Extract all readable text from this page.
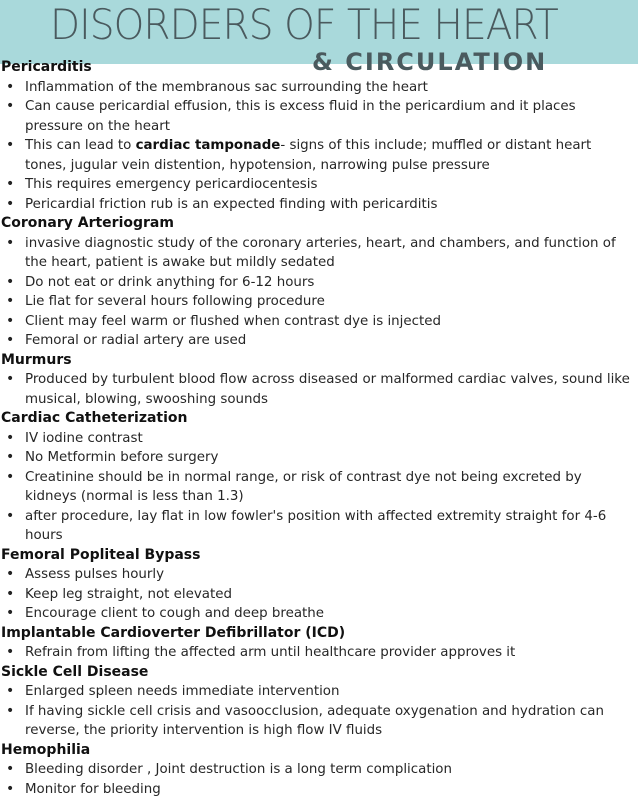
DISORDERS OF THE HEART
& CIRCULATION
Pericarditis
• Inflammation of the membranous sac surrounding the heart
• Can cause pericardial effusion, this is excess fluid in the pericardium and it places pressure on the heart
• This can lead to cardiac tamponade- signs of this include; muffled or distant heart tones, jugular vein distention, hypotension, narrowing pulse pressure
• This requires emergency pericardiocentesis
• Pericardial friction rub is an expected finding with pericarditis
Coronary Arteriogram
• invasive diagnostic study of the coronary arteries, heart, and chambers, and function of the heart, patient is awake but mildly sedated
• Do not eat or drink anything for 6-12 hours
• Lie flat for several hours following procedure
• Client may feel warm or flushed when contrast dye is injected
• Femoral or radial artery are used
Murmurs
• Produced by turbulent blood flow across diseased or malformed cardiac valves, sound like musical, blowing, swooshing sounds
Cardiac Catheterization
• IV iodine contrast
• No Metformin before surgery
• Creatinine should be in normal range, or risk of contrast dye not being excreted by kidneys (normal is less than 1.3)
• after procedure, lay flat in low fowler's position with affected extremity straight for 4-6 hours
Femoral Popliteal Bypass
• Assess pulses hourly
• Keep leg straight, not elevated
• Encourage client to cough and deep breathe
Implantable Cardioverter Defibrillator (ICD)
• Refrain from lifting the affected arm until healthcare provider approves it
Sickle Cell Disease
• Enlarged spleen needs immediate intervention
• If having sickle cell crisis and vasoocclusion, adequate oxygenation and hydration can reverse, the priority intervention is high flow IV fluids
Hemophilia
• Bleeding disorder , Joint destruction is a long term complication
• Monitor for bleeding
